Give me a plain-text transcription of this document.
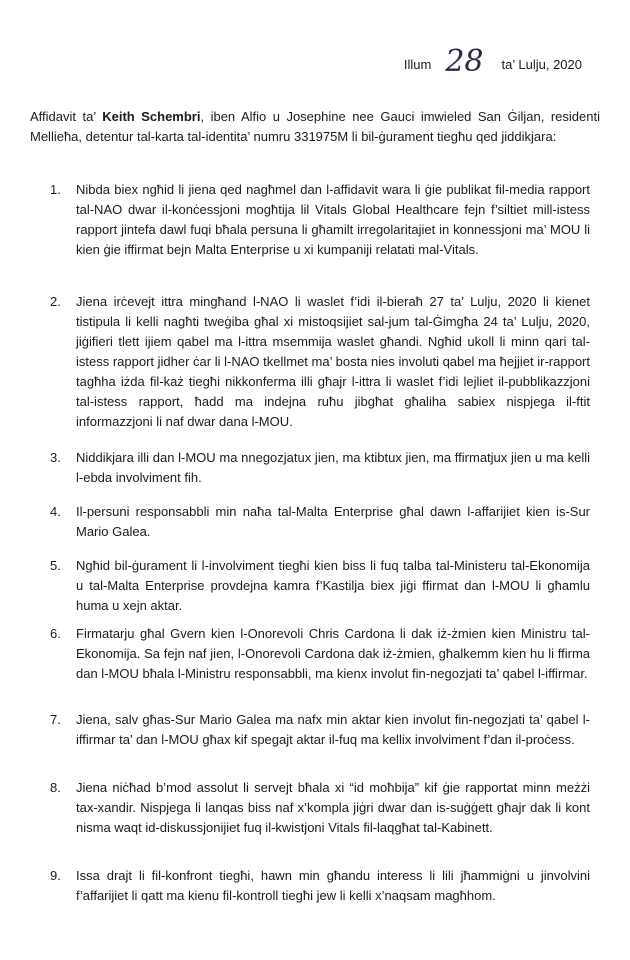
Illum 28 ta’ Lulju, 2020
Affidavit ta’ Keith Schembri, iben Alfio u Josephine nee Gauci imwieled San Ġiljan, residenti Mellieħa, detentur tal-karta tal-identita’ numru 331975M li bil-ġurament tiegħu qed jiddikjara:
1. Nibda biex ngħid li jiena qed nagħmel dan l-affidavit wara li ġie publikat fil-media rapport tal-NAO dwar il-konċessjoni mogħtija lil Vitals Global Healthcare fejn f’siltiet mill-istess rapport jintefa dawl fuqi bħala persuna li għamilt irregolaritajiet in konnessjoni ma’ MOU li kien ġie iffirmat bejn Malta Enterprise u xi kumpaniji relatati mal-Vitals.
2. Jiena irċevejt ittra mingħand l-NAO li waslet f’idi il-bieraħ 27 ta’ Lulju, 2020 li kienet tistipula li kelli nagħti tweġiba għal xi mistoqsijiet sal-jum tal-Ġimgħa 24 ta’ Lulju, 2020, jiġifieri tlett ijiem qabel ma l-ittra msemmija waslet għandi. Ngħid ukoll li minn qari tal-istess rapport jidher ċar li l-NAO tkellmet ma’ bosta nies involuti qabel ma ħejjiet ir-rapport tagħha iżda fil-każ tiegħi nikkonferma illi għajr l-ittra li waslet f’idi lejliet il-pubblikazzjoni tal-istess rapport, ħadd ma indejna ruħu jibgħat għaliha sabiex nispjega il-ftit informazzjoni li naf dwar dana l-MOU.
3. Niddikjara illi dan l-MOU ma nnegozjatux jien, ma ktibtux jien, ma ffirmatjux jien u ma kelli l-ebda involviment fih.
4. Il-persuni responsabbli min naħa tal-Malta Enterprise għal dawn l-affarijiet kien is-Sur Mario Galea.
5. Ngħid bil-ġurament li l-involviment tiegħi kien biss li fuq talba tal-Ministeru tal-Ekonomija u tal-Malta Enterprise provdejna kamra f’Kastilja biex jiġi ffirmat dan l-MOU li għamlu huma u xejn aktar.
6. Firmatarju għal Gvern kien l-Onorevoli Chris Cardona li dak iż-żmien kien Ministru tal-Ekonomija. Sa fejn naf jien, l-Onorevoli Cardona dak iż-żmien, għalkemm kien hu li ffirma dan l-MOU bħala l-Ministru responsabbli, ma kienx involut fin-negozjati ta’ qabel l-iffirmar.
7. Jiena, salv għas-Sur Mario Galea ma nafx min aktar kien involut fin-negozjati ta’ qabel l-iffirmar ta’ dan l-MOU għax kif spegajt aktar il-fuq ma kellix involviment f’dan il-proċess.
8. Jiena niċħad b’mod assolut li servejt bħala xi “id moħbija” kif ġie rapportat minn meżżi tax-xandir. Nispjega li lanqas biss naf x’kompla jiġri dwar dan is-suġġett għajr dak li kont nisma waqt id-diskussjonijiet fuq il-kwistjoni Vitals fil-laqgħat tal-Kabinett.
9. Issa drajt li fil-konfront tiegħi, hawn min għandu interess li lili jħammiġni u jinvolvini f’affarijiet li qatt ma kienu fil-kontroll tiegħi jew li kelli x’naqsam magħhom.
